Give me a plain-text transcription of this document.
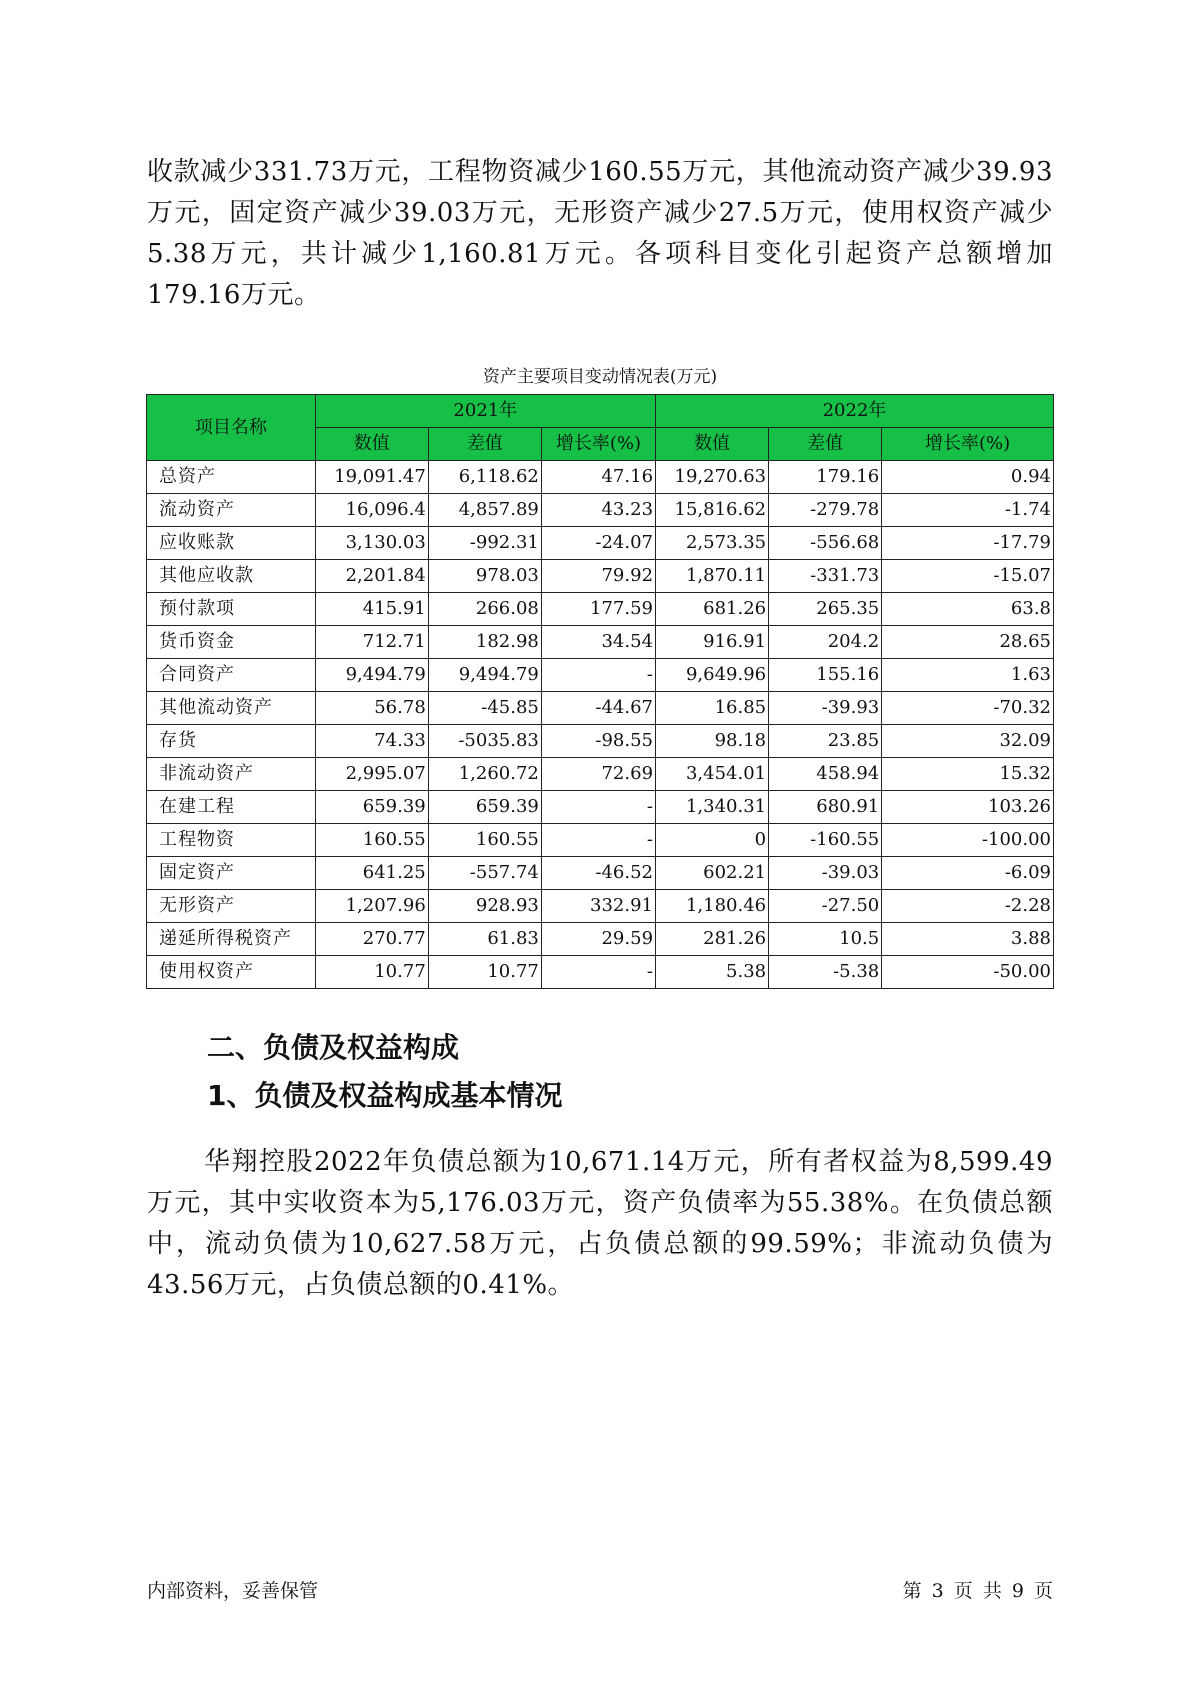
收款减少331.73万元，工程物资减少160.55万元，其他流动资产减少39.93万元，固定资产减少39.03万元，无形资产减少27.5万元，使用权资产减少5.38万元，共计减少1,160.81万元。各项科目变化引起资产总额增加179.16万元。

资产主要项目变动情况表(万元)
项目名称	2021年			2022年		
	数值	差值	增长率(%)	数值	差值	增长率(%)
总资产	19,091.47	6,118.62	47.16	19,270.63	179.16	0.94
流动资产	16,096.4	4,857.89	43.23	15,816.62	-279.78	-1.74
应收账款	3,130.03	-992.31	-24.07	2,573.35	-556.68	-17.79
其他应收款	2,201.84	978.03	79.92	1,870.11	-331.73	-15.07
预付款项	415.91	266.08	177.59	681.26	265.35	63.8
货币资金	712.71	182.98	34.54	916.91	204.2	28.65
合同资产	9,494.79	9,494.79	-	9,649.96	155.16	1.63
其他流动资产	56.78	-45.85	-44.67	16.85	-39.93	-70.32
存货	74.33	-5035.83	-98.55	98.18	23.85	32.09
非流动资产	2,995.07	1,260.72	72.69	3,454.01	458.94	15.32
在建工程	659.39	659.39	-	1,340.31	680.91	103.26
工程物资	160.55	160.55	-	0	-160.55	-100.00
固定资产	641.25	-557.74	-46.52	602.21	-39.03	-6.09
无形资产	1,207.96	928.93	332.91	1,180.46	-27.50	-2.28
递延所得税资产	270.77	61.83	29.59	281.26	10.5	3.88
使用权资产	10.77	10.77	-	5.38	-5.38	-50.00
二、负债及权益构成
1、负债及权益构成基本情况

华翔控股2022年负债总额为10,671.14万元，所有者权益为8,599.49万元，其中实收资本为5,176.03万元，资产负债率为55.38%。在负债总额中，流动负债为10,627.58万元，占负债总额的99.59%；非流动负债为43.56万元，占负债总额的0.41%。

内部资料，妥善保管	第 3 页 共 9 页
